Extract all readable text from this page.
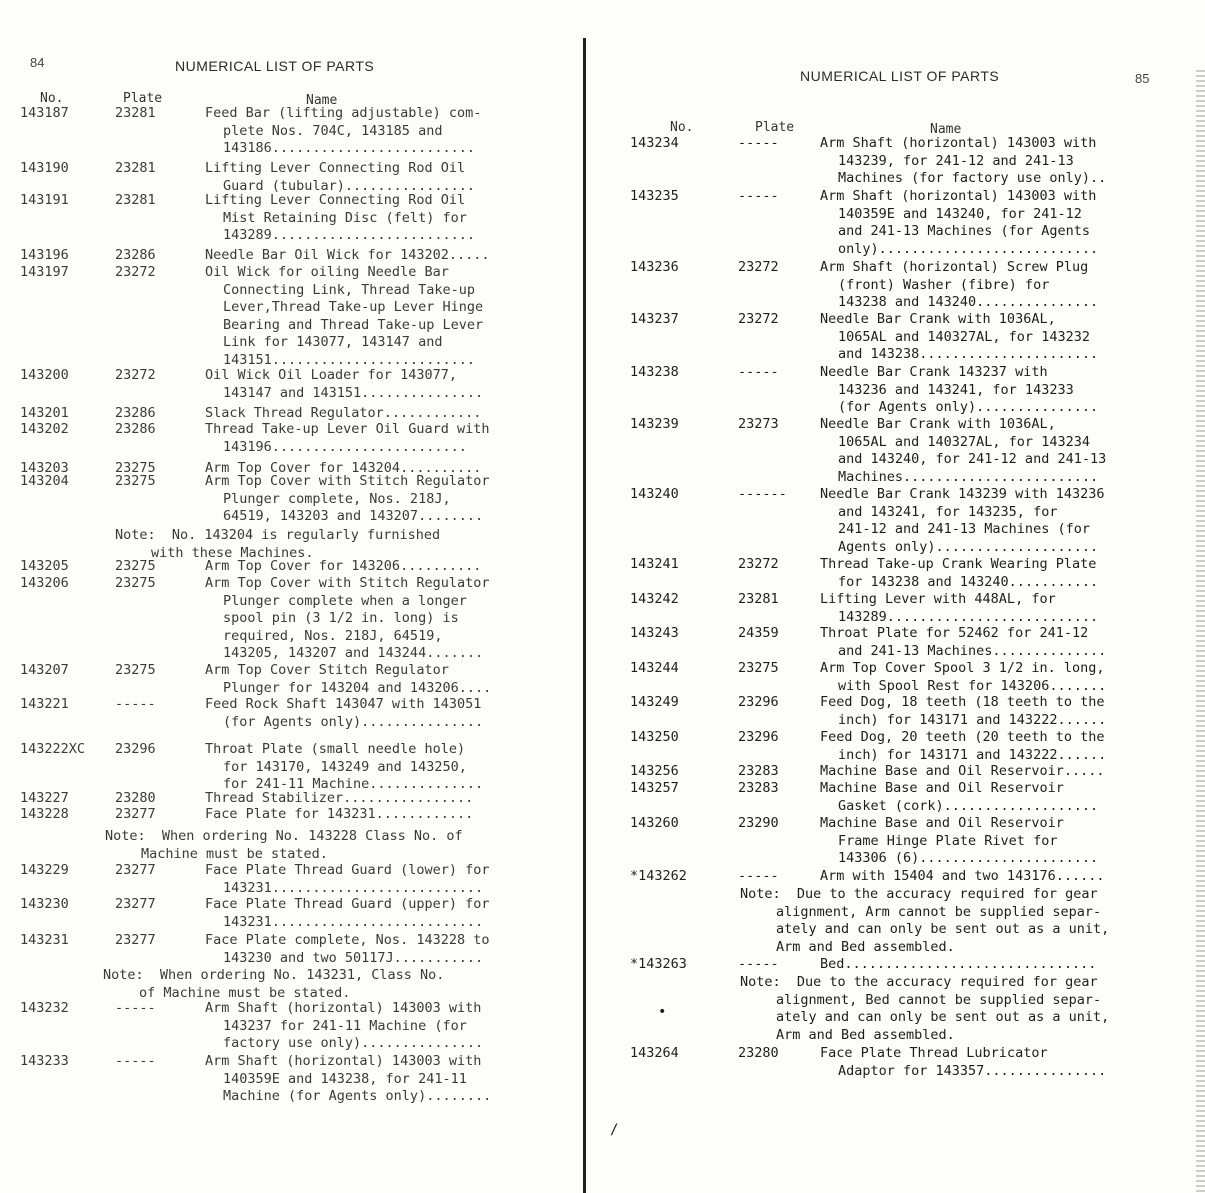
84	NUMERICAL LIST OF PARTS
No.	Plate	Name
143187	23281	Feed Bar (lifting adjustable) com-
plete Nos. 704C, 143185 and
143186.........................
143190	23281	Lifting Lever Connecting Rod Oil
Guard (tubular)................
143191	23281	Lifting Lever Connecting Rod Oil
Mist Retaining Disc (felt) for
143289.........................
143196	23286	Needle Bar Oil Wick for 143202.....
143197	23272	Oil Wick for oiling Needle Bar
Connecting Link, Thread Take-up
Lever,Thread Take-up Lever Hinge
Bearing and Thread Take-up Lever
Link for 143077, 143147 and
143151.........................
143200	23272	Oil Wick Oil Loader for 143077,
143147 and 143151...............
143201	23286	Slack Thread Regulator............
143202	23286	Thread Take-up Lever Oil Guard with
143196........................
143203	23275	Arm Top Cover for 143204..........
143204	23275	Arm Top Cover with Stitch Regulator
Plunger complete, Nos. 218J,
64519, 143203 and 143207........
143205	23275	Arm Top Cover for 143206..........
143206	23275	Arm Top Cover with Stitch Regulator
Plunger complete when a longer
spool pin (3 1/2 in. long) is
required, Nos. 218J, 64519,
143205, 143207 and 143244.......
143207	23275	Arm Top Cover Stitch Regulator
Plunger for 143204 and 143206....
143221	-----	Feed Rock Shaft 143047 with 143051
(for Agents only)...............
143222XC 23296	Throat Plate (small needle hole)
for 143170, 143249 and 143250,
for 241-11 Machine..............
143227	23280	Thread Stabilizer................
143228	23277	Face Plate for 143231............
143229	23277	Face Plate Thread Guard (lower) for
143231..........................
143230	23277	Face Plate Thread Guard (upper) for
143231..........................
143231	23277	Face Plate complete, Nos. 143228 to
143230 and two 50117J...........
143232	-----	Arm Shaft (horizontal) 143003 with
143237 for 241-11 Machine (for
factory use only)...............
143233	-----	Arm Shaft (horizontal) 143003 with
140359E and 143238, for 241-11
Machine (for Agents only)........
Note:  No. 143204 is regularly furnished
with these Machines.
Note:  When ordering No. 143228 Class No. of
Machine must be stated.
Note:  When ordering No. 143231, Class No.
of Machine must be stated.
NUMERICAL LIST OF PARTS	85
No.	Plate	Name
143234	-----	Arm Shaft (horizontal) 143003 with
143239, for 241-12 and 241-13
Machines (for factory use only)..
143235	-----	Arm Shaft (horizontal) 143003 with
140359E and 143240, for 241-12
and 241-13 Machines (for Agents
only)...........................
143236	23272	Arm Shaft (horizontal) Screw Plug
(front) Washer (fibre) for
143238 and 143240...............
143237	23272	Needle Bar Crank with 1036AL,
1065AL and 140327AL, for 143232
and 143238......................
143238	-----	Needle Bar Crank 143237 with
143236 and 143241, for 143233
(for Agents only)...............
143239	23273	Needle Bar Crank with 1036AL,
1065AL and 140327AL, for 143234
and 143240, for 241-12 and 241-13
Machines........................
143240	------ Needle Bar Crank 143239 with 143236
and 143241, for 143235, for
241-12 and 241-13 Machines (for
Agents only)....................
143241	23272	Thread Take-up Crank Wearing Plate
for 143238 and 143240...........
143242	23281	Lifting Lever with 448AL, for
143289..........................
143243	24359	Throat Plate for 52462 for 241-12
and 241-13 Machines..............
143244	23275	Arm Top Cover Spool 3 1/2 in. long,
with Spool Rest for 143206.......
143249	23296	Feed Dog, 18 teeth (18 teeth to the
inch) for 143171 and 143222......
143250	23296	Feed Dog, 20 teeth (20 teeth to the
inch) for 143171 and 143222......
143256	23283	Machine Base and Oil Reservoir.....
143257	23283	Machine Base and Oil Reservoir
Gasket (cork)...................
143260	23290	Machine Base and Oil Reservoir
Frame Hinge Plate Rivet for
143306 (6)......................
*143262	-----	Arm with 15404 and two 143176......
*143263	-----	Bed...............................
143264	23280	Face Plate Thread Lubricator
Adaptor for 143357...............
Note:  Due to the accuracy required for gear
alignment, Arm cannot be supplied separ-
ately and can only be sent out as a unit,
Arm and Bed assembled.
Note:  Due to the accuracy required for gear
alignment, Bed cannot be supplied separ-
ately and can only be sent out as a unit,
Arm and Bed assembled.
•
/
